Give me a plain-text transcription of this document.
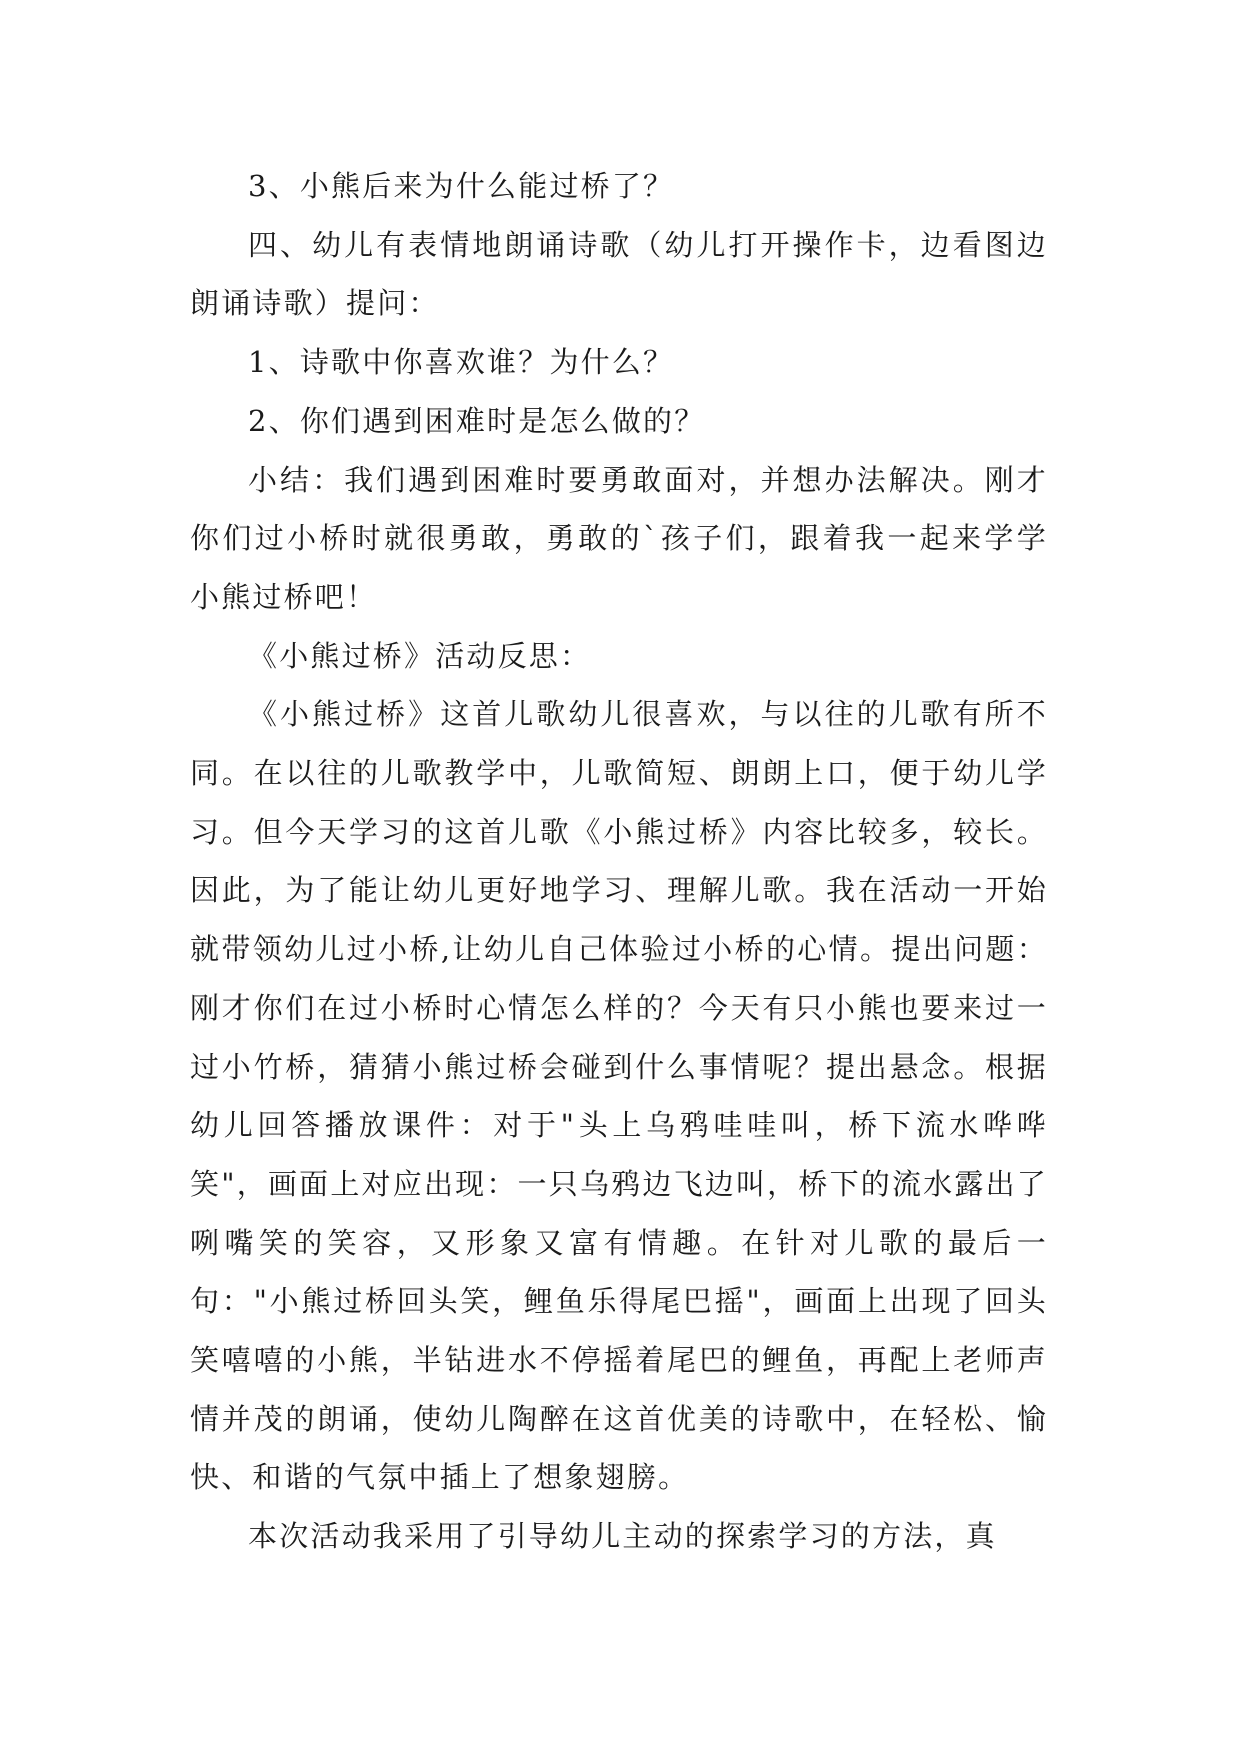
3、小熊后来为什么能过桥了？

四、幼儿有表情地朗诵诗歌（幼儿打开操作卡，边看图边朗诵诗歌）提问：

1、诗歌中你喜欢谁？为什么？

2、你们遇到困难时是怎么做的？

小结：我们遇到困难时要勇敢面对，并想办法解决。刚才你们过小桥时就很勇敢，勇敢的`孩子们，跟着我一起来学学小熊过桥吧！

《小熊过桥》活动反思：

《小熊过桥》这首儿歌幼儿很喜欢，与以往的儿歌有所不同。在以往的儿歌教学中，儿歌简短、朗朗上口，便于幼儿学习。但今天学习的这首儿歌《小熊过桥》内容比较多，较长。因此，为了能让幼儿更好地学习、理解儿歌。我在活动一开始就带领幼儿过小桥,让幼儿自己体验过小桥的心情。提出问题：刚才你们在过小桥时心情怎么样的？今天有只小熊也要来过一过小竹桥，猜猜小熊过桥会碰到什么事情呢？提出悬念。根据幼儿回答播放课件：对于"头上乌鸦哇哇叫，桥下流水哗哗笑"，画面上对应出现：一只乌鸦边飞边叫，桥下的流水露出了咧嘴笑的笑容，又形象又富有情趣。在针对儿歌的最后一句："小熊过桥回头笑，鲤鱼乐得尾巴摇"，画面上出现了回头笑嘻嘻的小熊，半钻进水不停摇着尾巴的鲤鱼，再配上老师声情并茂的朗诵，使幼儿陶醉在这首优美的诗歌中，在轻松、愉快、和谐的气氛中插上了想象翅膀。

本次活动我采用了引导幼儿主动的探索学习的方法，真
